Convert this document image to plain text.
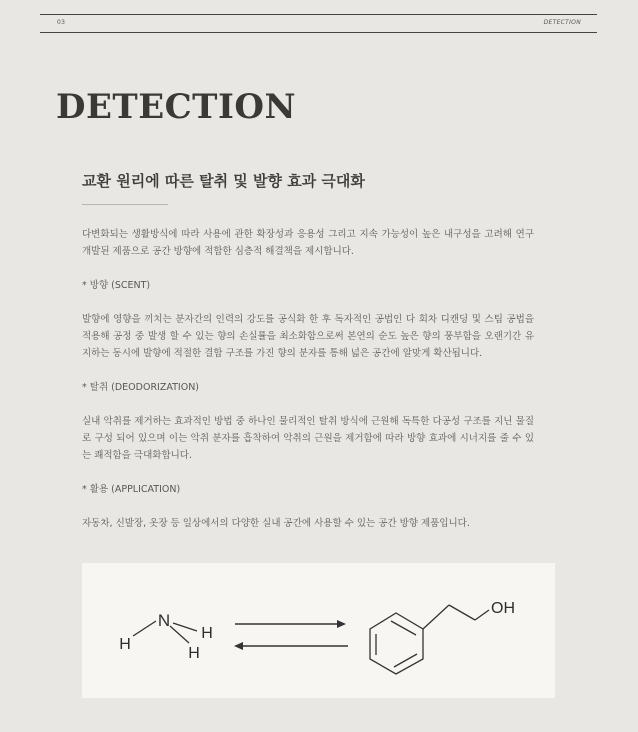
03	DETECTION
DETECTION
교환 원리에 따른 탈취 및 발향 효과 극대화

다변화되는 생활방식에 따라 사용에 관한 확장성과 응용성 그리고 지속 가능성이 높은 내구성을 고려해 연구 개발된 제품으로 공간 방향에 적합한 심층적 해결책을 제시합니다.

* 방향 (SCENT)

발향에 영향을 끼치는 분자간의 인력의 강도를 공식화 한 후 독자적인 공법인 다 회차 디캔딩 및 스팀 공법을 적용해 공정 중 발생 할 수 있는 향의 손실률을 최소화함으로써 본연의 순도 높은 향의 풍부함을 오랜기간 유지하는 동시에 발향에 적절한 결합 구조를 가진 향의 분자를 통해 넓은 공간에 알맞게 확산됩니다.

* 탈취 (DEODORIZATION)

실내 악취를 제거하는 효과적인 방법 중 하나인 물리적인 탈취 방식에 근원해 독특한 다공성 구조를 지닌 물질로 구성 되어 있으며 이는 악취 분자를 흡착하여 악취의 근원을 제거함에 따라 방향 효과에 시너지를 줄 수 있는 쾌적함을 극대화합니다.

* 활용 (APPLICATION)

자동차, 신발장, 옷장 등 일상에서의 다양한 실내 공간에 사용할 수 있는 공간 방향 제품입니다.

N
H
H
H
OH
